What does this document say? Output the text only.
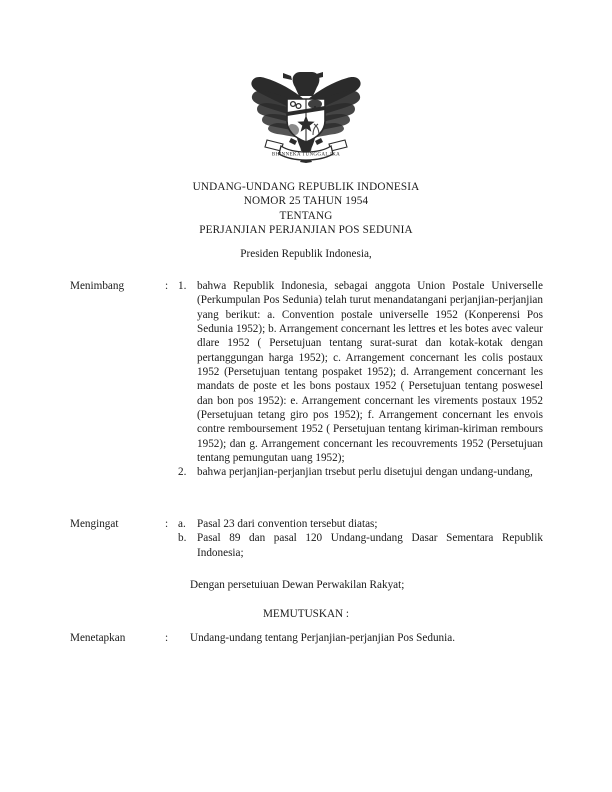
BHINNEKA TUNGGAL IKA
UNDANG-UNDANG REPUBLIK INDONESIA
NOMOR 25 TAHUN 1954
TENTANG
PERJANJIAN PERJANJIAN POS SEDUNIA
Presiden Republik Indonesia,
Menimbang	: 1. bahwa Republik Indonesia, sebagai anggota Union Postale Universelle (Perkumpulan Pos Sedunia) telah turut menandatangani perjanjian-perjanjian yang berikut: a. Convention postale universelle 1952 (Konperensi Pos Sedunia 1952); b. Arrangement concernant les lettres et les botes avec valeur dlare 1952 ( Persetujuan tentang surat-surat dan kotak-kotak dengan pertanggungan harga 1952); c. Arrangement concernant les colis postaux 1952 (Persetujuan tentang pospaket 1952); d. Arrangement concernant les mandats de poste et les bons postaux 1952 ( Persetujuan tentang poswesel dan bon pos 1952): e. Arrangement concernant les virements postaux 1952 (Persetujuan tetang giro pos 1952); f. Arrangement concernant les envois contre remboursement 1952 ( Persetujuan tentang kiriman-kiriman rembours 1952); dan g. Arrangement concernant les recouvrements 1952 (Persetujuan tentang pemungutan uang 1952);

2. bahwa perjanjian-perjanjian trsebut perlu disetujui dengan undang-undang,

Mengingat	: a. Pasal 23 dari convention tersebut diatas;

b. Pasal 89 dan pasal 120 Undang-undang Dasar Sementara Republik Indonesia;

Dengan persetuiuan Dewan Perwakilan Rakyat;
MEMUTUSKAN :
Menetapkan	: Undang-undang tentang Perjanjian-perjanjian Pos Sedunia.
